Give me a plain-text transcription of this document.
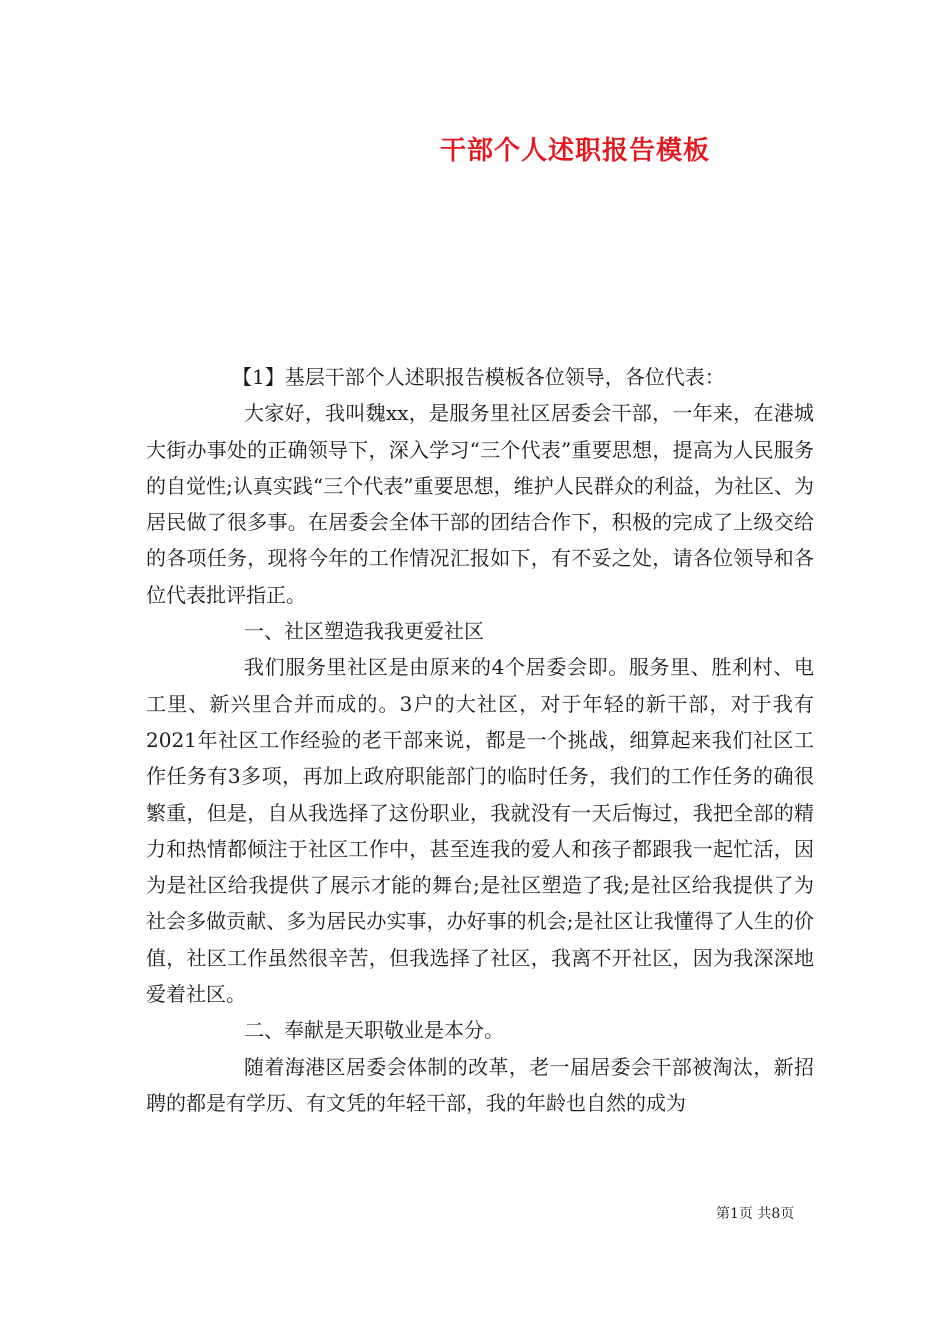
干部个人述职报告模板

【1】基层干部个人述职报告模板各位领导，各位代表：

大家好，我叫魏xx，是服务里社区居委会干部，一年来，在港城大街办事处的正确领导下，深入学习“三个代表”重要思想，提高为人民服务的自觉性;认真实践“三个代表”重要思想，维护人民群众的利益，为社区、为居民做了很多事。在居委会全体干部的团结合作下，积极的完成了上级交给的各项任务，现将今年的工作情况汇报如下，有不妥之处，请各位领导和各位代表批评指正。

一、社区塑造我我更爱社区

我们服务里社区是由原来的4个居委会即。服务里、胜利村、电工里、新兴里合并而成的。3户的大社区，对于年轻的新干部，对于我有2021年社区工作经验的老干部来说，都是一个挑战，细算起来我们社区工作任务有3多项，再加上政府职能部门的临时任务，我们的工作任务的确很繁重，但是，自从我选择了这份职业，我就没有一天后悔过，我把全部的精力和热情都倾注于社区工作中，甚至连我的爱人和孩子都跟我一起忙活，因为是社区给我提供了展示才能的舞台;是社区塑造了我;是社区给我提供了为社会多做贡献、多为居民办实事，办好事的机会;是社区让我懂得了人生的价值，社区工作虽然很辛苦，但我选择了社区，我离不开社区，因为我深深地爱着社区。

二、奉献是天职敬业是本分。

随着海港区居委会体制的改革，老一届居委会干部被淘汰，新招聘的都是有学历、有文凭的年轻干部，我的年龄也自然的成为

第1页 共8页
